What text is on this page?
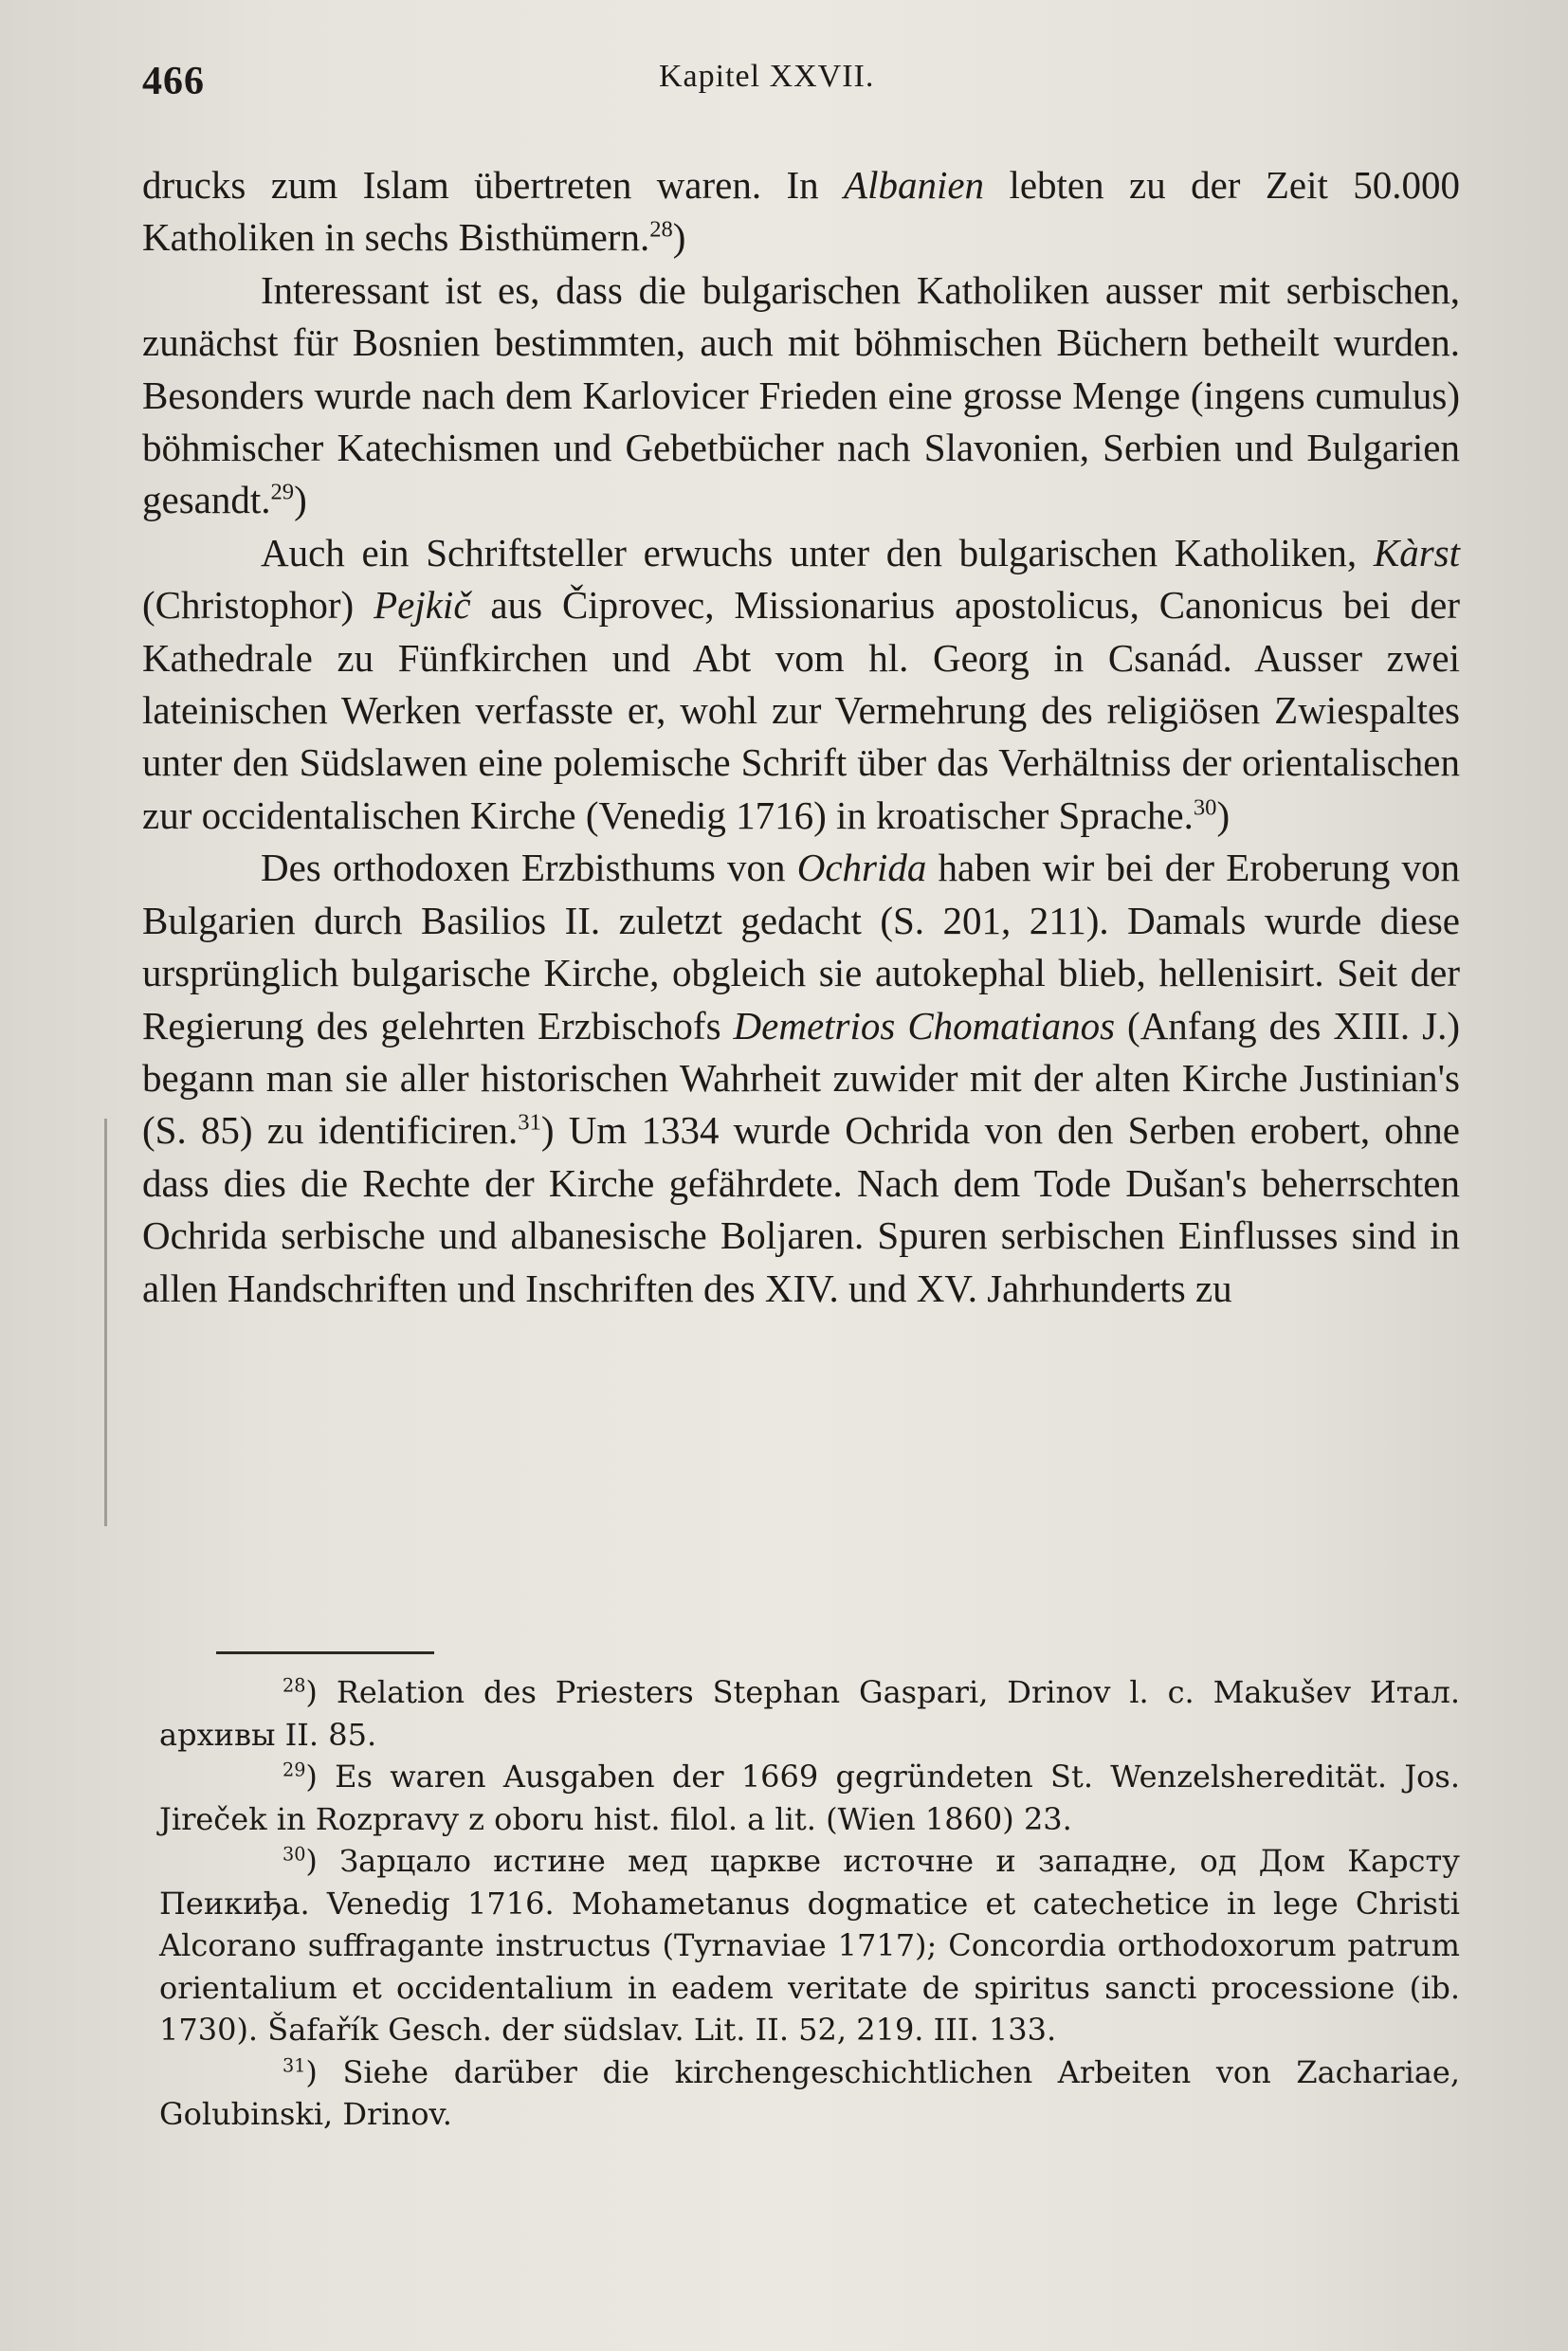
466	Kapitel XXVII.

drucks zum Islam übertreten waren. In Albanien lebten zu der Zeit 50.000 Katholiken in sechs Bisthümern.$^{28}$)

Interessant ist es, dass die bulgarischen Katholiken ausser mit serbischen, zunächst für Bosnien bestimmten, auch mit böhmischen Büchern betheilt wurden. Besonders wurde nach dem Karlovicer Frieden eine grosse Menge (ingens cumulus) böhmischer Katechismen und Gebetbücher nach Slavonien, Serbien und Bulgarien gesandt.$^{29}$)

Auch ein Schriftsteller erwuchs unter den bulgarischen Katholiken, Kàrst (Christophor) Pejkič aus Čiprovec, Missionarius apostolicus, Canonicus bei der Kathedrale zu Fünfkirchen und Abt vom hl. Georg in Csanád. Ausser zwei lateinischen Werken verfasste er, wohl zur Vermehrung des religiösen Zwiespaltes unter den Südslawen eine polemische Schrift über das Verhältniss der orientalischen zur occidentalischen Kirche (Venedig 1716) in kroatischer Sprache.$^{30}$)

Des orthodoxen Erzbisthums von Ochrida haben wir bei der Eroberung von Bulgarien durch Basilios II. zuletzt gedacht (S. 201, 211). Damals wurde diese ursprünglich bulgarische Kirche, obgleich sie autokephal blieb, hellenisirt. Seit der Regierung des gelehrten Erzbischofs Demetrios Chomatianos (Anfang des XIII. J.) begann man sie aller historischen Wahrheit zuwider mit der alten Kirche Justinian's (S. 85) zu identificiren.$^{31}$) Um 1334 wurde Ochrida von den Serben erobert, ohne dass dies die Rechte der Kirche gefährdete. Nach dem Tode Dušan's beherrschten Ochrida serbische und albanesische Boljaren. Spuren serbischen Einflusses sind in allen Handschriften und Inschriften des XIV. und XV. Jahrhunderts zu

$^{28}$) Relation des Priesters Stephan Gaspari, Drinov l. c. Makušev Итал. архивы II. 85.

$^{29}$) Es waren Ausgaben der 1669 gegründeten St. Wenzelsheredität. Jos. Jireček in Rozpravy z oboru hist. filol. a lit. (Wien 1860) 23.

$^{30}$) Зарцало истине мед царкве источне и западне, од Дом Карсту Пеикиђа. Venedig 1716. Mohametanus dogmatice et catechetice in lege Christi Alcorano suffragante instructus (Tyrnaviae 1717); Concordia orthodoxorum patrum orientalium et occidentalium in eadem veritate de spiritus sancti processione (ib. 1730). Šafařík Gesch. der südslav. Lit. II. 52, 219. III. 133.

$^{31}$) Siehe darüber die kirchengeschichtlichen Arbeiten von Zachariae, Golubinski, Drinov.
